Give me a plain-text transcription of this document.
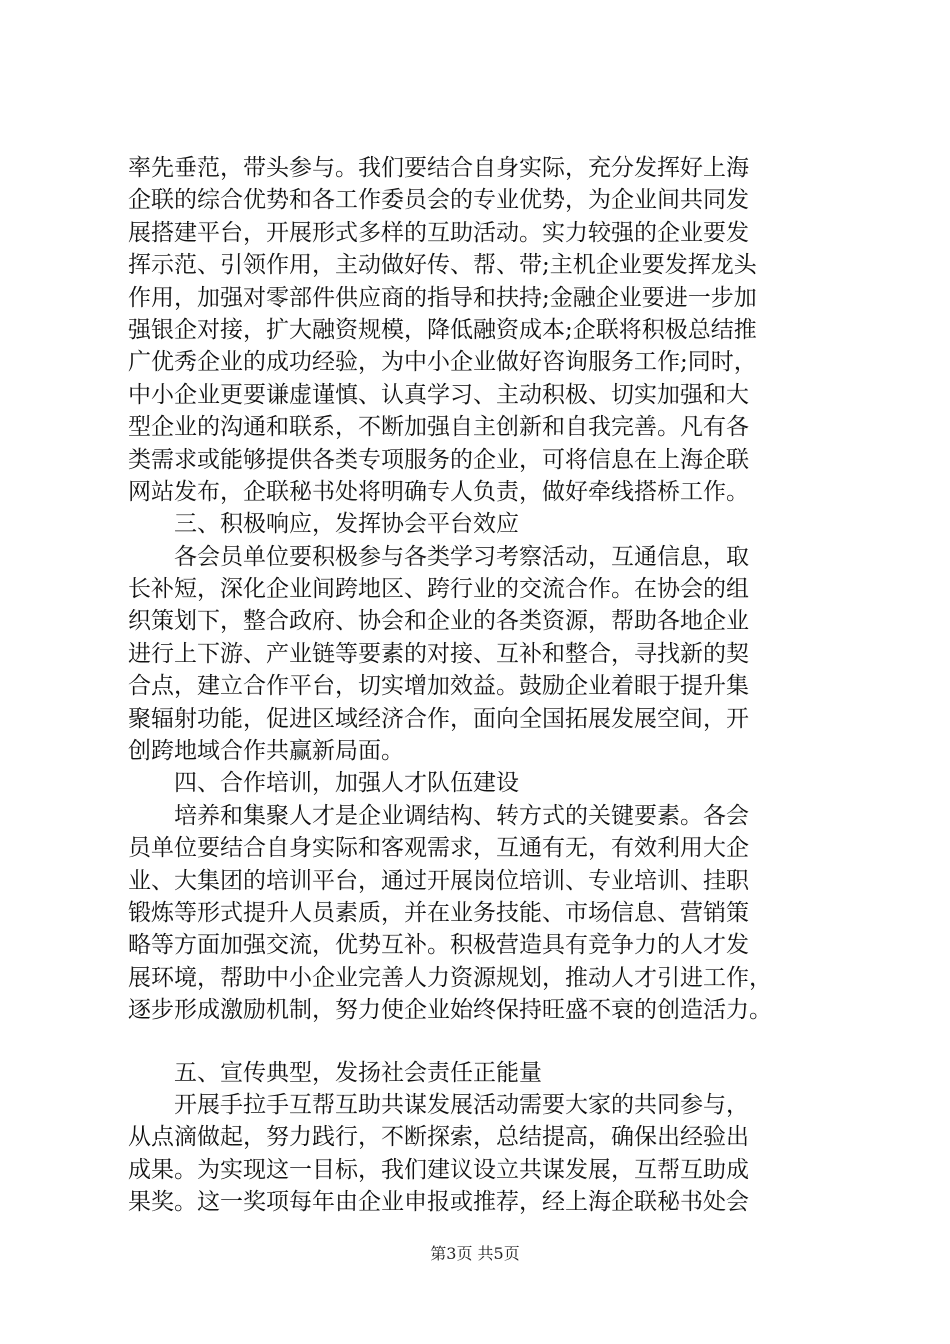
率先垂范，带头参与。我们要结合自身实际，充分发挥好上海
企联的综合优势和各工作委员会的专业优势，为企业间共同发
展搭建平台，开展形式多样的互助活动。实力较强的企业要发
挥示范、引领作用，主动做好传、帮、带;主机企业要发挥龙头
作用，加强对零部件供应商的指导和扶持;金融企业要进一步加
强银企对接，扩大融资规模，降低融资成本;企联将积极总结推
广优秀企业的成功经验，为中小企业做好咨询服务工作;同时，
中小企业更要谦虚谨慎、认真学习、主动积极、切实加强和大
型企业的沟通和联系，不断加强自主创新和自我完善。凡有各
类需求或能够提供各类专项服务的企业，可将信息在上海企联
网站发布，企联秘书处将明确专人负责，做好牵线搭桥工作。
　　三、积极响应，发挥协会平台效应
　　各会员单位要积极参与各类学习考察活动，互通信息，取
长补短，深化企业间跨地区、跨行业的交流合作。在协会的组
织策划下，整合政府、协会和企业的各类资源，帮助各地企业
进行上下游、产业链等要素的对接、互补和整合，寻找新的契
合点，建立合作平台，切实增加效益。鼓励企业着眼于提升集
聚辐射功能，促进区域经济合作，面向全国拓展发展空间，开
创跨地域合作共赢新局面。
　　四、合作培训，加强人才队伍建设
　　培养和集聚人才是企业调结构、转方式的关键要素。各会
员单位要结合自身实际和客观需求，互通有无，有效利用大企
业、大集团的培训平台，通过开展岗位培训、专业培训、挂职
锻炼等形式提升人员素质，并在业务技能、市场信息、营销策
略等方面加强交流，优势互补。积极营造具有竞争力的人才发
展环境，帮助中小企业完善人力资源规划，推动人才引进工作，
逐步形成激励机制，努力使企业始终保持旺盛不衰的创造活力。
　　五、宣传典型，发扬社会责任正能量
　　开展手拉手互帮互助共谋发展活动需要大家的共同参与，
从点滴做起，努力践行，不断探索，总结提高，确保出经验出
成果。为实现这一目标，我们建议设立共谋发展，互帮互助成
果奖。这一奖项每年由企业申报或推荐，经上海企联秘书处会
第3页 共5页
